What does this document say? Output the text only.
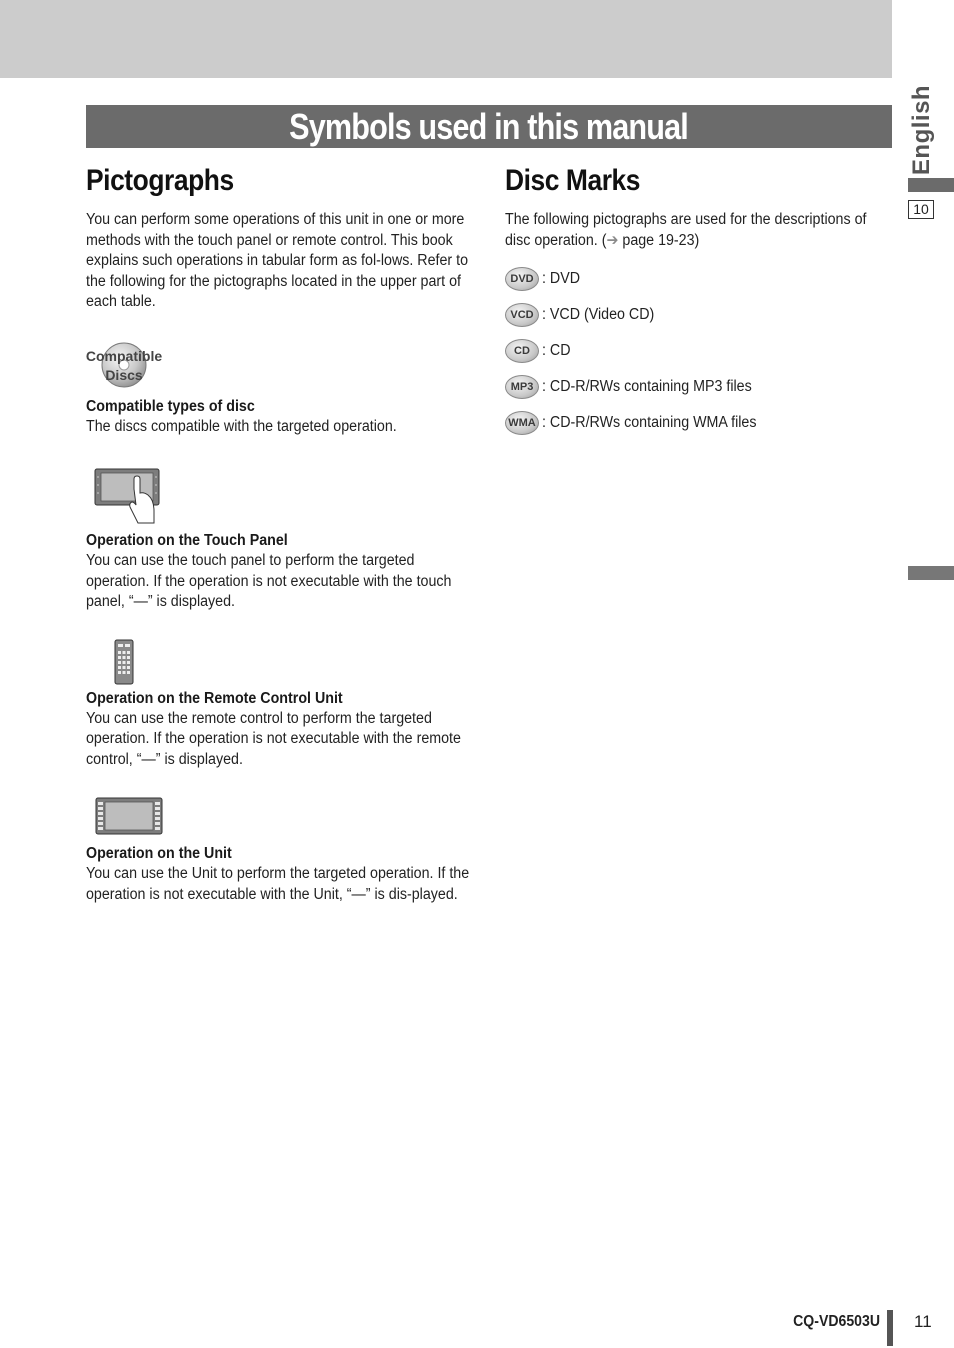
Symbols used in this manual	English
10
Pictographs

You can perform some operations of this unit in one or more methods with the touch panel or remote control. This book explains such operations in tabular form as fol-lows. Refer to the following for the pictographs located in the upper part of each table.

Compatible
Discs
Compatible types of disc

The discs compatible with the targeted operation.

Operation on the Touch Panel

You can use the touch panel to perform the targeted operation. If the operation is not executable with the touch panel, “—” is displayed.

Operation on the Remote Control Unit

You can use the remote control to perform the targeted operation. If the operation is not executable with the remote control, “—” is displayed.

Operation on the Unit

You can use the Unit to perform the targeted operation. If the operation is not executable with the Unit, “—” is dis-played.

Disc Marks

The following pictographs are used for the descriptions of disc operation. (➔ page 19-23)

DVD : DVD
VCD : VCD (Video CD)
CD : CD
MP3 : CD-R/RWs containing MP3 files
WMA : CD-R/RWs containing WMA files
CQ-VD6503U 11
